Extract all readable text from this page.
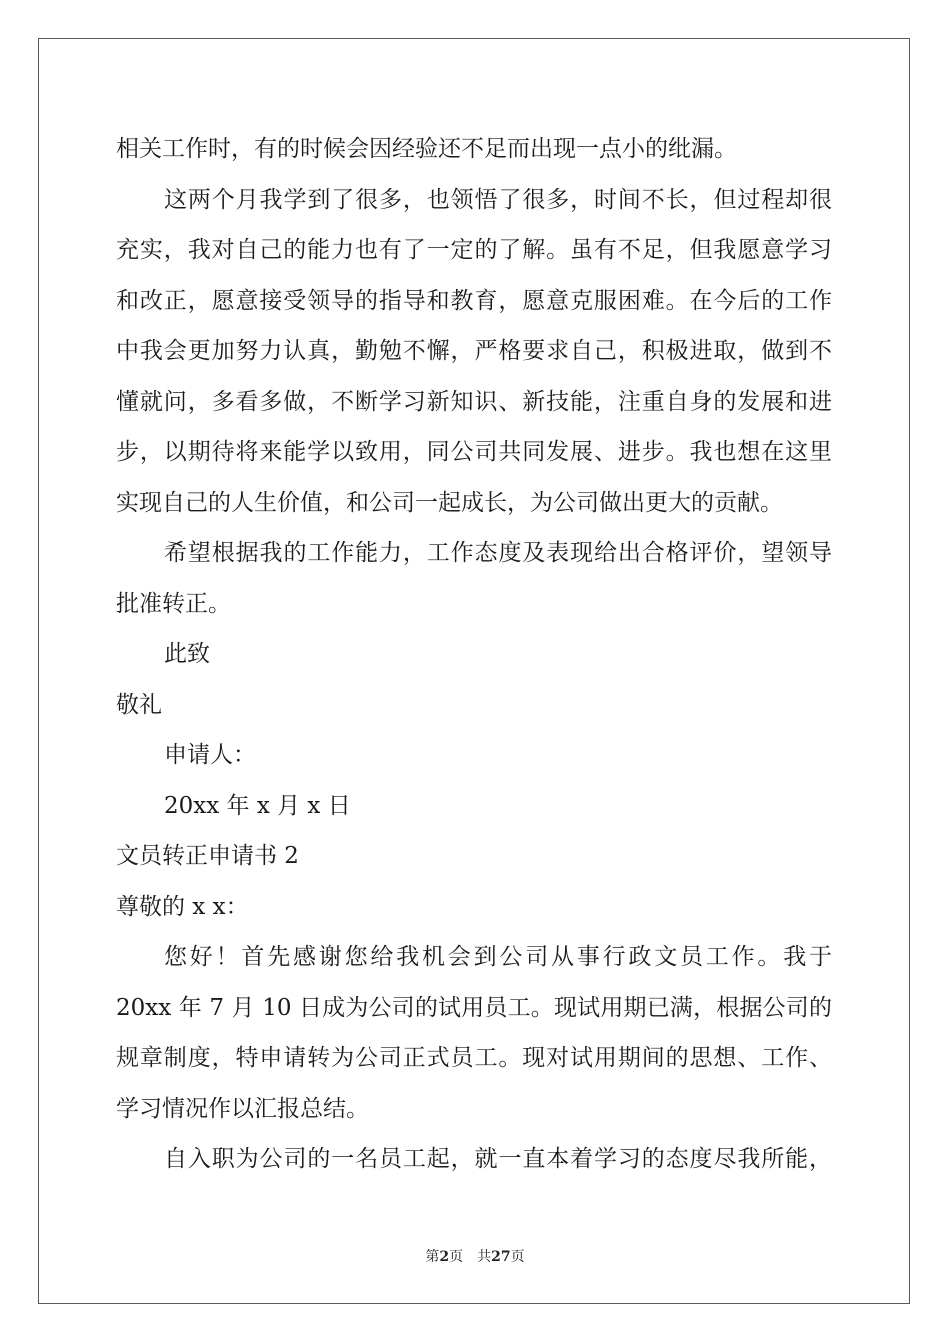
相关工作时，有的时候会因经验还不足而出现一点小的纰漏。
这两个月我学到了很多，也领悟了很多，时间不长，但过程却很
充实，我对自己的能力也有了一定的了解。虽有不足，但我愿意学习
和改正，愿意接受领导的指导和教育，愿意克服困难。在今后的工作
中我会更加努力认真，勤勉不懈，严格要求自己，积极进取，做到不
懂就问，多看多做，不断学习新知识、新技能，注重自身的发展和进
步，以期待将来能学以致用，同公司共同发展、进步。我也想在这里
实现自己的人生价值，和公司一起成长，为公司做出更大的贡献。
希望根据我的工作能力，工作态度及表现给出合格评价，望领导
批准转正。
此致
敬礼
申请人：
20xx 年 x 月 x 日
文员转正申请书 2
尊敬的 x x：
您好！首先感谢您给我机会到公司从事行政文员工作。我于
20xx 年 7 月 10 日成为公司的试用员工。现试用期已满，根据公司的
规章制度，特申请转为公司正式员工。现对试用期间的思想、工作、
学习情况作以汇报总结。
自入职为公司的一名员工起，就一直本着学习的态度尽我所能，
第2页　共27页
